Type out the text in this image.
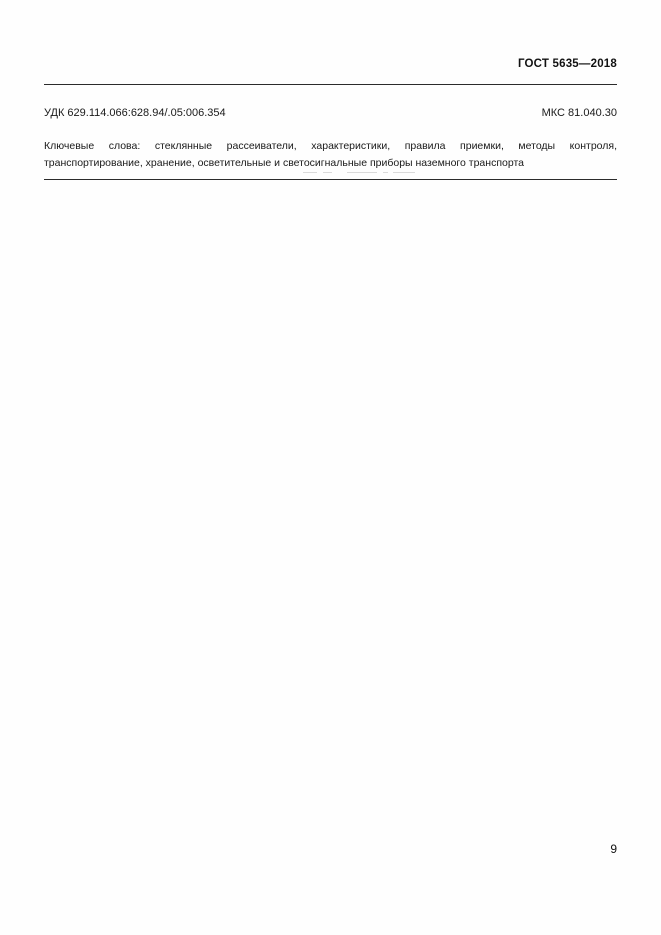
ГОСТ 5635—2018
УДК 629.114.066:628.94/.05:006.354	МКС 81.040.30
Ключевые слова: стеклянные рассеиватели, характеристики, правила приемки, методы контроля,
транспортирование, хранение, осветительные и светосигнальные приборы наземного транспорта
9
